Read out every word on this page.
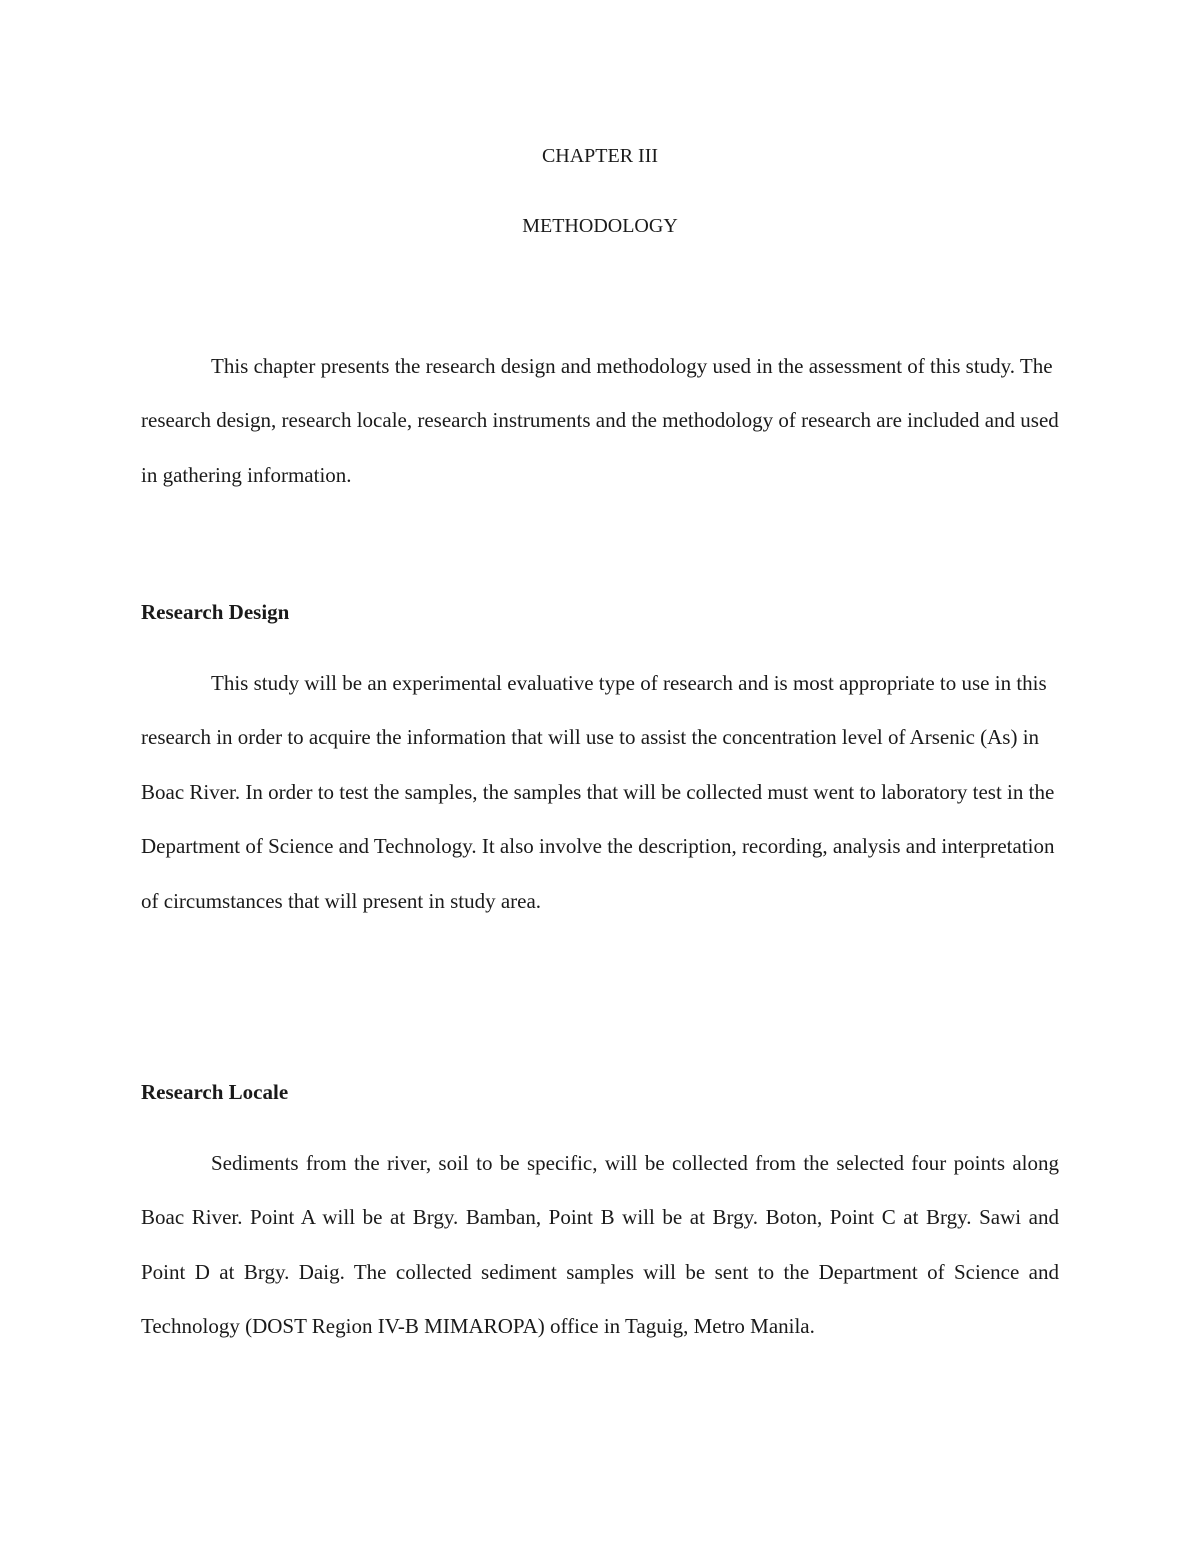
CHAPTER III
METHODOLOGY

This chapter presents the research design and methodology used in the assessment of this study. The research design, research locale, research instruments and the methodology of research are included and used in gathering information.

Research Design

This study will be an experimental evaluative type of research and is most appropriate to use in this research in order to acquire the information that will use to assist the concentration level of Arsenic (As) in Boac River. In order to test the samples, the samples that will be collected must went to laboratory test in the Department of Science and Technology. It also involve the description, recording, analysis and interpretation of circumstances that will present in study area.

Research Locale

Sediments from the river, soil to be specific, will be collected from the selected four points along Boac River. Point A will be at Brgy. Bamban, Point B will be at Brgy. Boton, Point C at Brgy. Sawi and Point D at Brgy. Daig. The collected sediment samples will be sent to the Department of Science and Technology (DOST Region IV-B MIMAROPA) office in Taguig, Metro Manila.
